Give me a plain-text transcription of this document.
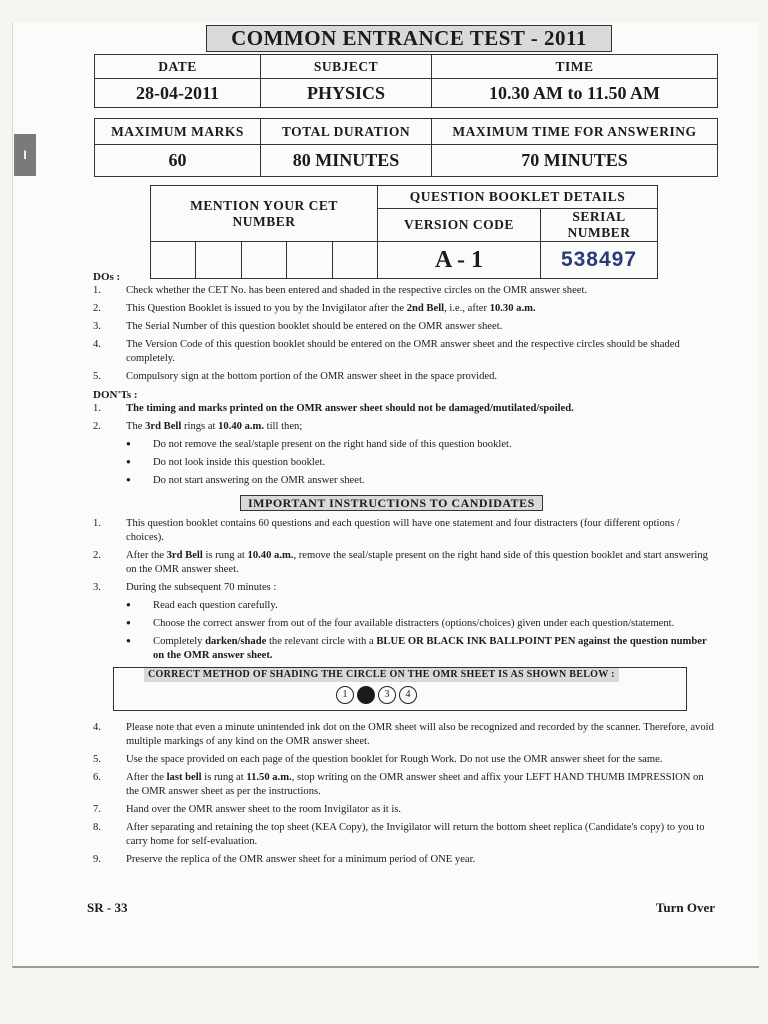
I
COMMON ENTRANCE TEST - 2011
DATE	SUBJECT	TIME
28-04-2011	PHYSICS	10.30 AM to 11.50 AM
MAXIMUM MARKS	TOTAL DURATION	MAXIMUM TIME FOR ANSWERING
60	80 MINUTES	70 MINUTES
MENTION YOUR CET NUMBER	QUESTION BOOKLET DETAILS	
	VERSION CODE	SERIAL NUMBER

	A - 1	538497
DOs :
1. Check whether the CET No. has been entered and shaded in the respective circles on the OMR answer sheet.
2. This Question Booklet is issued to you by the Invigilator after the 2nd Bell, i.e., after 10.30 a.m.
3. The Serial Number of this question booklet should be entered on the OMR answer sheet.
4. The Version Code of this question booklet should be entered on the OMR answer sheet and the respective circles should be shaded completely.
5. Compulsory sign at the bottom portion of the OMR answer sheet in the space provided.
DON'Ts :
1. The timing and marks printed on the OMR answer sheet should not be damaged/mutilated/spoiled.
2. The 3rd Bell rings at 10.40 a.m. till then;
● Do not remove the seal/staple present on the right hand side of this question booklet.
● Do not look inside this question booklet.
● Do not start answering on the OMR answer sheet.
IMPORTANT INSTRUCTIONS TO CANDIDATES
1. This question booklet contains 60 questions and each question will have one statement and four distracters (four different options / choices).
2. After the 3rd Bell is rung at 10.40 a.m., remove the seal/staple present on the right hand side of this question booklet and start answering on the OMR answer sheet.
3. During the subsequent 70 minutes :
● Read each question carefully.
● Choose the correct answer from out of the four available distracters (options/choices) given under each question/statement.
● Completely darken/shade the relevant circle with a BLUE OR BLACK INK BALLPOINT PEN against the question number on the OMR answer sheet.
CORRECT METHOD OF SHADING THE CIRCLE ON THE OMR SHEET IS AS SHOWN BELOW :
1	2	3	4
4. Please note that even a minute unintended ink dot on the OMR sheet will also be recognized and recorded by the scanner. Therefore, avoid multiple markings of any kind on the OMR answer sheet.
5. Use the space provided on each page of the question booklet for Rough Work. Do not use the OMR answer sheet for the same.
6. After the last bell is rung at 11.50 a.m., stop writing on the OMR answer sheet and affix your LEFT HAND THUMB IMPRESSION on the OMR answer sheet as per the instructions.
7. Hand over the OMR answer sheet to the room Invigilator as it is.
8. After separating and retaining the top sheet (KEA Copy), the Invigilator will return the bottom sheet replica (Candidate's copy) to you to carry home for self-evaluation.
9. Preserve the replica of the OMR answer sheet for a minimum period of ONE year.
SR - 33	Turn Over
